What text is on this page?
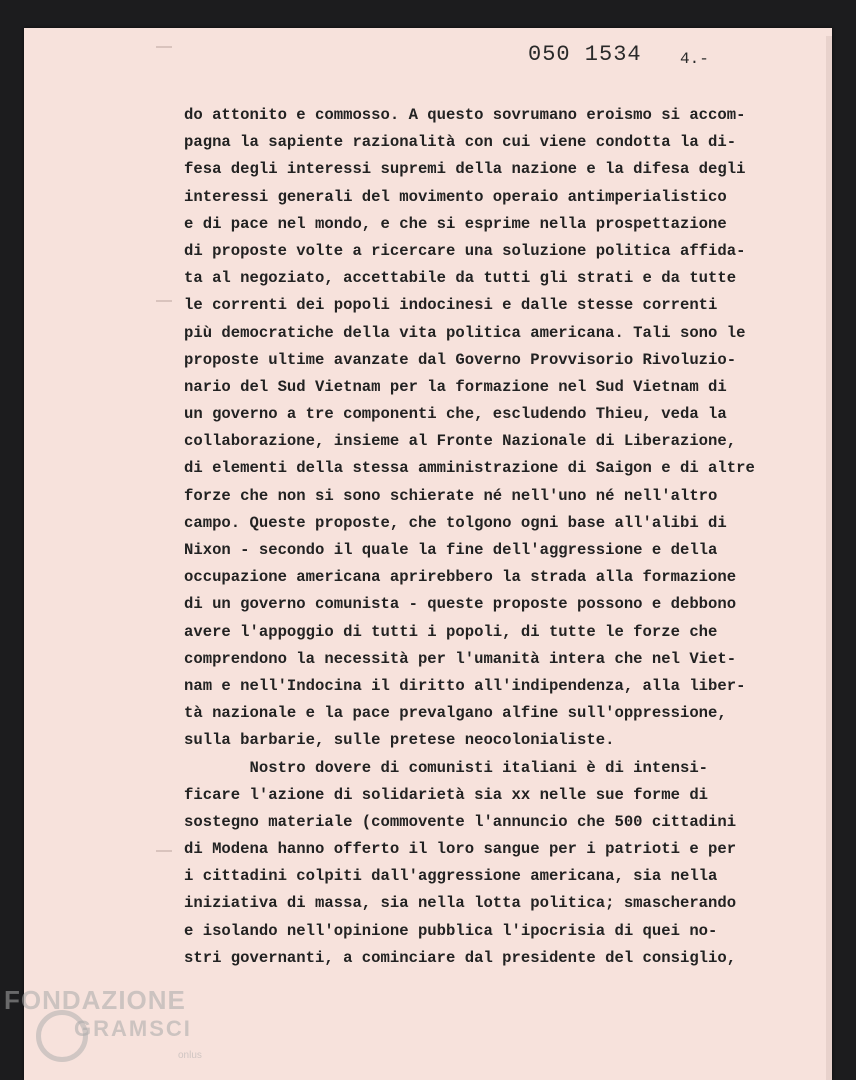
050 1534 4.-
do attonito e commosso. A questo sovrumano eroismo si accom-
pagna la sapiente razionalità con cui viene condotta la di-
fesa degli interessi supremi della nazione e la difesa degli
interessi generali del movimento operaio antimperialistico
e di pace nel mondo, e che si esprime nella prospettazione
di proposte volte a ricercare una soluzione politica affida-
ta al negoziato, accettabile da tutti gli strati e da tutte
le correnti dei popoli indocinesi e dalle stesse correnti
più democratiche della vita politica americana. Tali sono le
proposte ultime avanzate dal Governo Provvisorio Rivoluzio-
nario del Sud Vietnam per la formazione nel Sud Vietnam di
un governo a tre componenti che, escludendo Thieu, veda la
collaborazione, insieme al Fronte Nazionale di Liberazione,
di elementi della stessa amministrazione di Saigon e di altre
forze che non si sono schierate né nell'uno né nell'altro
campo. Queste proposte, che tolgono ogni base all'alibi di
Nixon - secondo il quale la fine dell'aggressione e della
occupazione americana aprirebbero la strada alla formazione
di un governo comunista - queste proposte possono e debbono
avere l'appoggio di tutti i popoli, di tutte le forze che
comprendono la necessità per l'umanità intera che nel Viet-
nam e nell'Indocina il diritto all'indipendenza, alla liber-
tà nazionale e la pace prevalgano alfine sull'oppressione,
sulla barbarie, sulle pretese neocolonialiste.
Nostro dovere di comunisti italiani è di intensi-
ficare l'azione di solidarietà sia xx nelle sue forme di
sostegno materiale (commovente l'annuncio che 500 cittadini
di Modena hanno offerto il loro sangue per i patrioti e per
i cittadini colpiti dall'aggressione americana, sia nella
iniziativa di massa, sia nella lotta politica; smascherando
e isolando nell'opinione pubblica l'ipocrisia di quei no-
stri governanti, a cominciare dal presidente del consiglio,
FONDAZIONE
GRAMSCI
onlus
